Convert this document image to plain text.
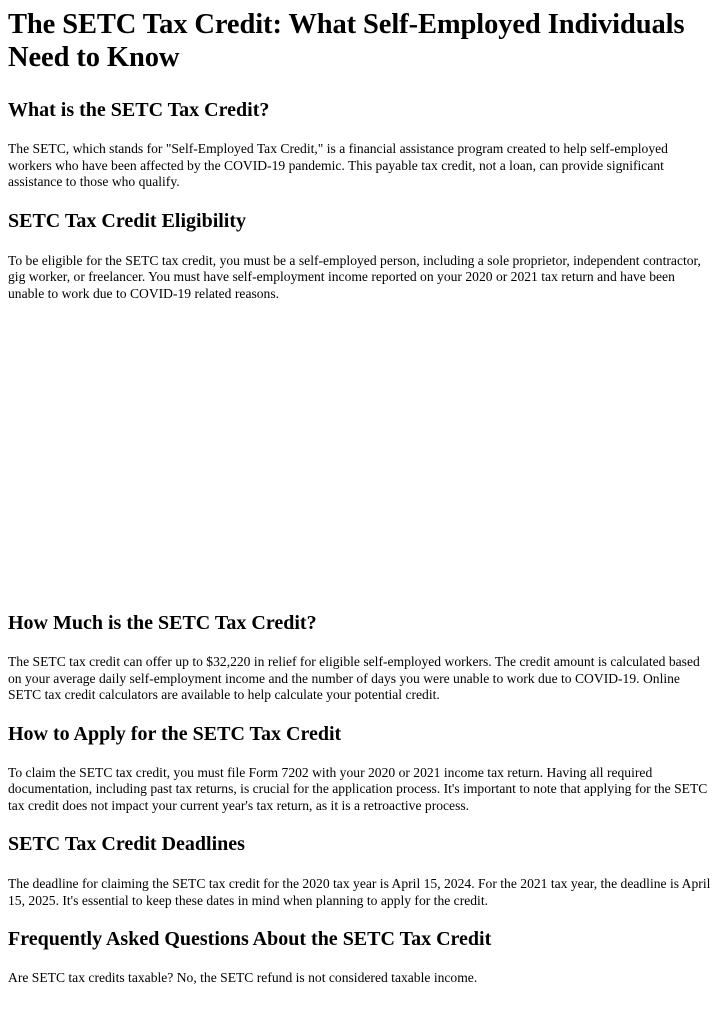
The SETC Tax Credit: What Self-Employed Individuals Need to Know
What is the SETC Tax Credit?

The SETC, which stands for "Self-Employed Tax Credit," is a financial assistance program created to help self-employed workers who have been affected by the COVID-19 pandemic. This payable tax credit, not a loan, can provide significant assistance to those who qualify.

SETC Tax Credit Eligibility

To be eligible for the SETC tax credit, you must be a self-employed person, including a sole proprietor, independent contractor, gig worker, or freelancer. You must have self-employment income reported on your 2020 or 2021 tax return and have been unable to work due to COVID-19 related reasons.

How Much is the SETC Tax Credit?

The SETC tax credit can offer up to $32,220 in relief for eligible self-employed workers. The credit amount is calculated based on your average daily self-employment income and the number of days you were unable to work due to COVID-19. Online SETC tax credit calculators are available to help calculate your potential credit.

How to Apply for the SETC Tax Credit

To claim the SETC tax credit, you must file Form 7202 with your 2020 or 2021 income tax return. Having all required documentation, including past tax returns, is crucial for the application process. It's important to note that applying for the SETC tax credit does not impact your current year's tax return, as it is a retroactive process.

SETC Tax Credit Deadlines

The deadline for claiming the SETC tax credit for the 2020 tax year is April 15, 2024. For the 2021 tax year, the deadline is April 15, 2025. It's essential to keep these dates in mind when planning to apply for the credit.

Frequently Asked Questions About the SETC Tax Credit

Are SETC tax credits taxable? No, the SETC refund is not considered taxable income.
